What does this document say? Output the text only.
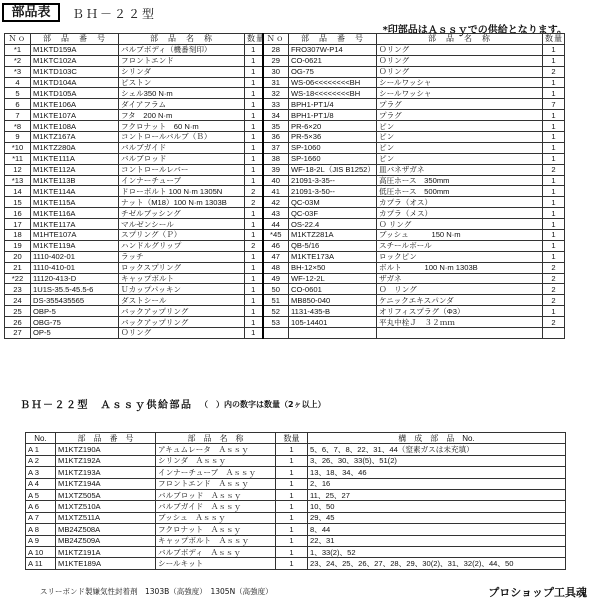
部品表	ＢＨ－２２型
*印部品はＡｓｓｙでの供給となります。
Ｎｏ	部　品　番　号	部　品　名　称	数量	Ｎｏ	部　品　番　号	部　品　名　称	数量
*1	M1KTD159A	バルブボディ（機番刻印）	1	28	FRO307W-P14	Ｏリング	1
*2	M1KTC102A	フロントエンド	1	29	CO-0621	Ｏリング	1
*3	M1KTD103C	シリンダ	1	30	OG-75	Ｏリング	2
4	M1KTD104A	ピストン	1	31	WS-06<<<<<<<<BH	シールワッシャ	1
5	M1KTD105A	シェル350 N·m	1	32	WS-18<<<<<<<<BH	シールワッシャ	1
6	M1KTE106A	ダイアフラム	1	33	BPH1-PT1/4	プラグ	7
7	M1KTE107A	フタ　200 N·m	1	34	BPH1-PT1/8	プラグ	1
*8	M1KTE108A	フクロナット　60 N·m	1	35	PR-6×20	ピン	1
9	M1KTZ167A	コントロールバルブ（Ｂ）	1	36	PR-5×36	ピン	1
*10	M1KTZ280A	バルブガイド	1	37	SP-1060	ピン	1
*11	M1KTE111A	バルブロッド	1	38	SP-1660	ピン	1
12	M1KTE112A	コントロールレバー	1	39	WF-18-2L（JIS B1252）	皿バネザガネ	2
*13	M1KTE113B	インナーチューブ	1	40	21091-3-35--	高圧ホース　350mm	1
14	M1KTE114A	ドローボルト 100 N·m 1305N	2	41	21091-3-50--	低圧ホース　500mm	1
15	M1KTE115A	ナット（M18）100 N·m 1303B	2	42	QC-03M	カプラ（オス）	1
16	M1KTE116A	チゼルブッシング	1	43	QC-03F	カプラ（メス）	1
17	M1KTE117A	マルゼンシール	1	44	OS-22.4	Ｏ リング	1
18	M1HTE107A	スプリング（Ｐ）	1	*45	M1KTZ281A	ブッシュ　　　150 N·m	1
19	M1KTE119A	ハンドルグリップ	2	46	QB-5/16	スチールボール	1
20	1110-402-01	ラッチ	1	47	M1KTE173A	ロックピン	1
21	1110-410-01	ロックスプリング	1	48	BH-12×50	ボルト　　　100 N·m 1303B	2
*22	11120-413-D	キャップボルト	1	49	WF-12-2L	ザガネ	2
23	1U1S-35.5-45.5-6	Ｕカップパッキン	1	50	CO-0601	Ｏ　リング	2
24	DS-355435565	ダストシール	1	51	MB850-040	ケニックエキスパンダ	2
25	OBP-5	バックアップリング	1	52	1131-435-B	オリフィスプラグ（Φ3）	1
26	OBG-75	バックアップリング	1	53	105-14401	平丸中栓Ｊ　３２ｍｍ	2
27	OP-5	Ｏリング	1				
ＢＨ－２２型　Ａｓｓｙ供給部品 （　）内の数字は数量（2ヶ以上）
No.	部　品　番　号	部　品　名　称	数量	構　成　部　品　No.
A 1	M1KTZ190A	アキュムレータ　Ａｓｓｙ	1	5、6、7、8、22、31、44（窒素ガスは未充填）
A 2	M1KTZ192A	シリンダ　Ａｓｓｙ	1	3、26、30、33(5)、51(2)
A 3	M1KTZ193A	インナーチューブ　Ａｓｓｙ	1	13、18、34、46
A 4	M1KTZ194A	フロントエンド　Ａｓｓｙ	1	2、16
A 5	M1XTZ505A	バルブロッド　Ａｓｓｙ	1	11、25、27
A 6	M1XTZ510A	バルブガイド　Ａｓｓｙ	1	10、50
A 7	M1XTZ511A	ブッシュ　Ａｓｓｙ	1	29、45
A 8	MB24Z508A	フクロナット　Ａｓｓｙ	1	8、44
A 9	MB24Z509A	キャップボルト　Ａｓｓｙ	1	22、31
A 10	M1KTZ191A	バルブボディ　Ａｓｓｙ	1	1、33(2)、52
A 11	M1KTE189A	シールキット	1	23、24、25、26、27、28、29、30(2)、31、32(2)、44、50
スリーボンド製嫌気性封着剤　1303B（高強度）　1305N（高強度）	プロショップ工具魂
